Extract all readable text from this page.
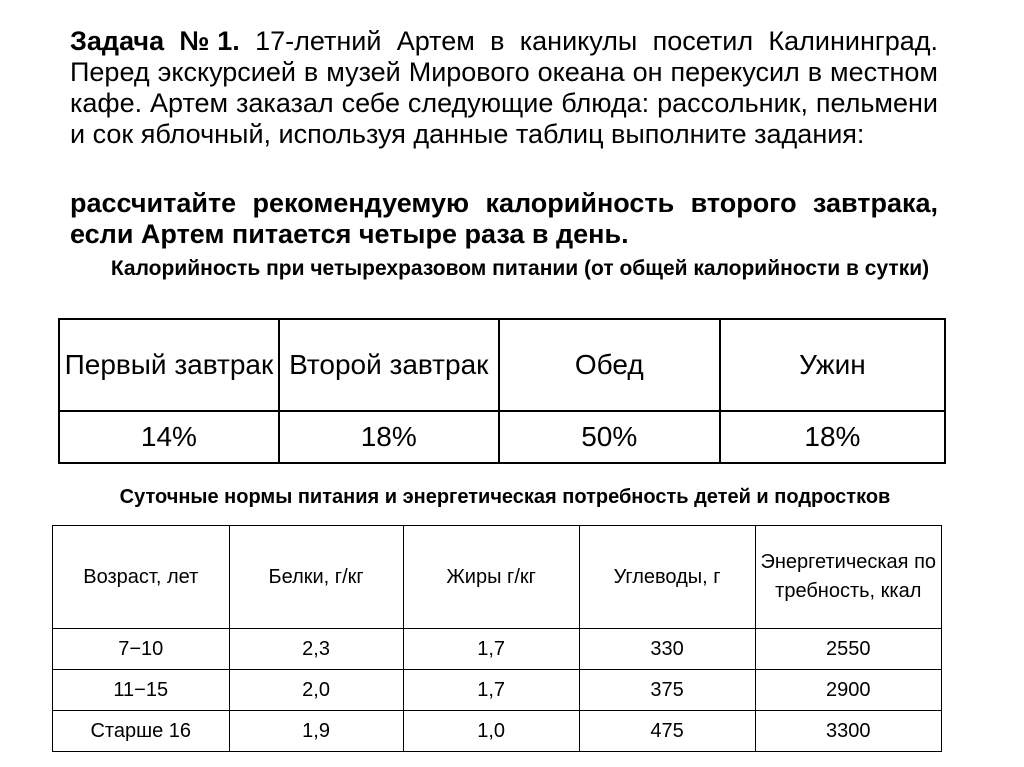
Задача №1. 17-летний Артем в каникулы посетил Калининград. Перед экскурсией в музей Мирового океана он перекусил в местном кафе. Артем заказал себе следующие блюда: рассольник, пельмени и сок яблочный, используя данные таблиц выполните задания:
рассчитайте рекомендуемую калорийность второго завтрака, если Артем питается четыре раза в день.
Калорийность при четырехразовом питании (от общей калорийности в сутки)
Первый завтрак	Второй завтрак	Обед	Ужин
14%	18%	50%	18%
Суточные нормы питания и энергетическая потребность детей и подростков
Возраст, лет	Белки, г/кг	Жиры г/кг	Углеводы, г	Энергетическая потребность, ккал
7−10	2,3	1,7	330	2550
11−15	2,0	1,7	375	2900
Старше 16	1,9	1,0	475	3300
